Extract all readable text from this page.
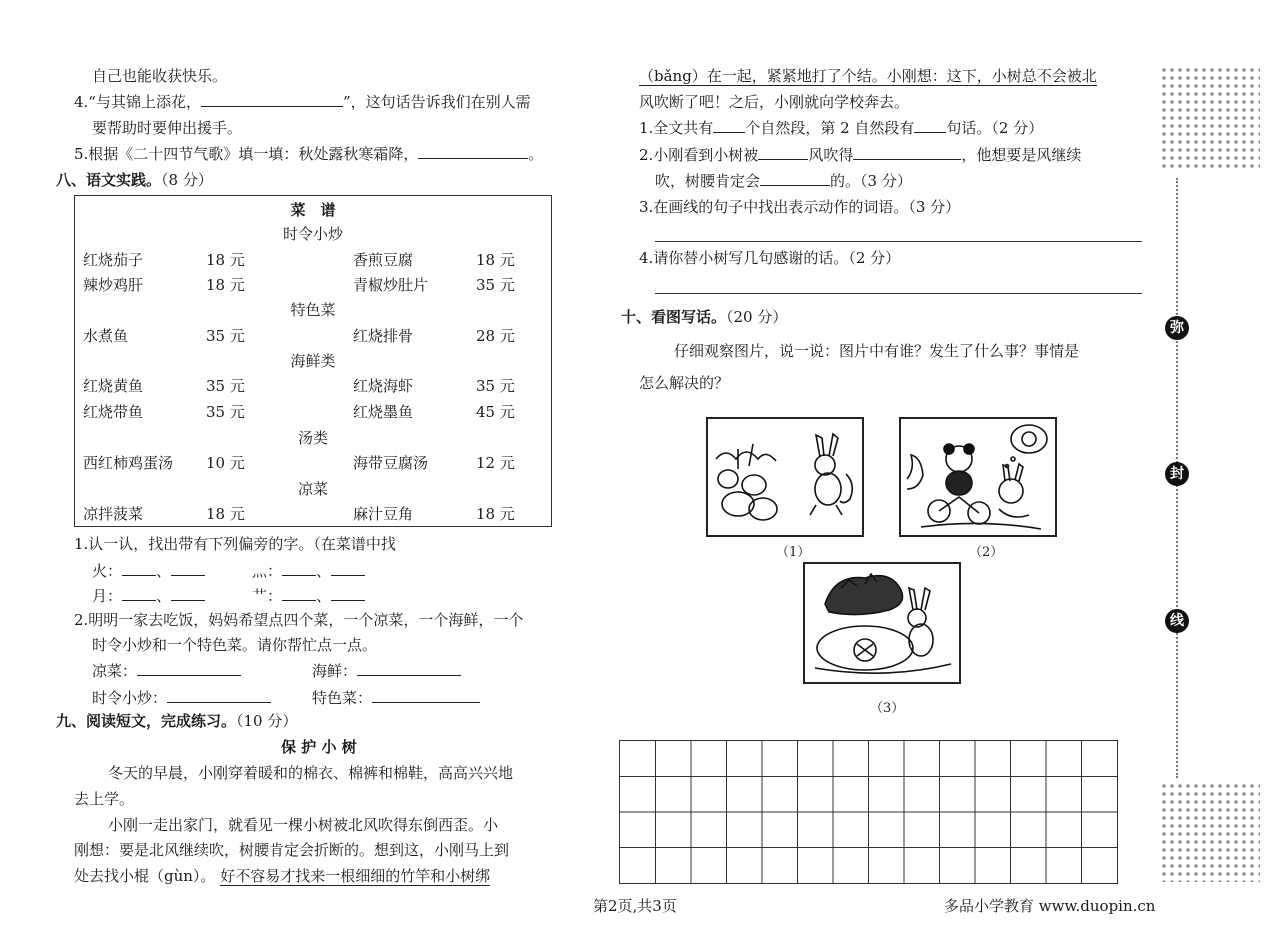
弥
封
线
自己也能收获快乐。
4.“与其锦上添花，	”，这句话告诉我们在别人需
要帮助时要伸出援手。
5.根据《二十四节气歌》填一填：秋处露秋寒霜降，	。
八、语文实践。（8 分）
菜　谱
时令小炒
红烧茄子	18 元	香煎豆腐	18 元
辣炒鸡肝	18 元	青椒炒肚片	35 元
特色菜
水煮鱼	35 元	红烧排骨	28 元
海鲜类
红烧黄鱼	35 元	红烧海虾	35 元
红烧带鱼	35 元	红烧墨鱼	45 元
汤类
西红柿鸡蛋汤 10 元	海带豆腐汤	12 元
凉菜
凉拌菠菜	18 元	麻汁豆角	18 元
1.认一认，找出带有下列偏旁的字。（在菜谱中找
火： 、	灬： 、
月： 、	艹： 、
2.明明一家去吃饭，妈妈希望点四个菜，一个凉菜，一个海鲜，一个
时令小炒和一个特色菜。请你帮忙点一点。
凉菜：	海鲜：
时令小炒：	特色菜：
九、阅读短文，完成练习。（10 分）
保 护 小 树
冬天的早晨，小刚穿着暖和的棉衣、棉裤和棉鞋，高高兴兴地
去上学。
小刚一走出家门，就看见一棵小树被北风吹得东倒西歪。小
刚想：要是北风继续吹，树腰肯定会折断的。想到这，小刚马上到
处去找小棍（gùn）。 好不容易才找来一根细细的竹竿和小树绑
（bǎng）在一起，紧紧地打了个结。小刚想：这下，小树总不会被北
风吹断了吧！之后，小刚就向学校奔去。
1.全文共有 个自然段，第 2 自然段有 句话。（2 分）
2.小刚看到小树被	风吹得	，他想要是风继续
吹，树腰肯定会	的。（3 分）
3.在画线的句子中找出表示动作的词语。（3 分）
4.请你替小树写几句感谢的话。（2 分）
十、看图写话。（20 分）
仔细观察图片，说一说：图片中有谁？发生了什么事？事情是
怎么解决的？
（1）	（2）
（3）
第2页,共3页	多品小学教育 www.duopin.cn
